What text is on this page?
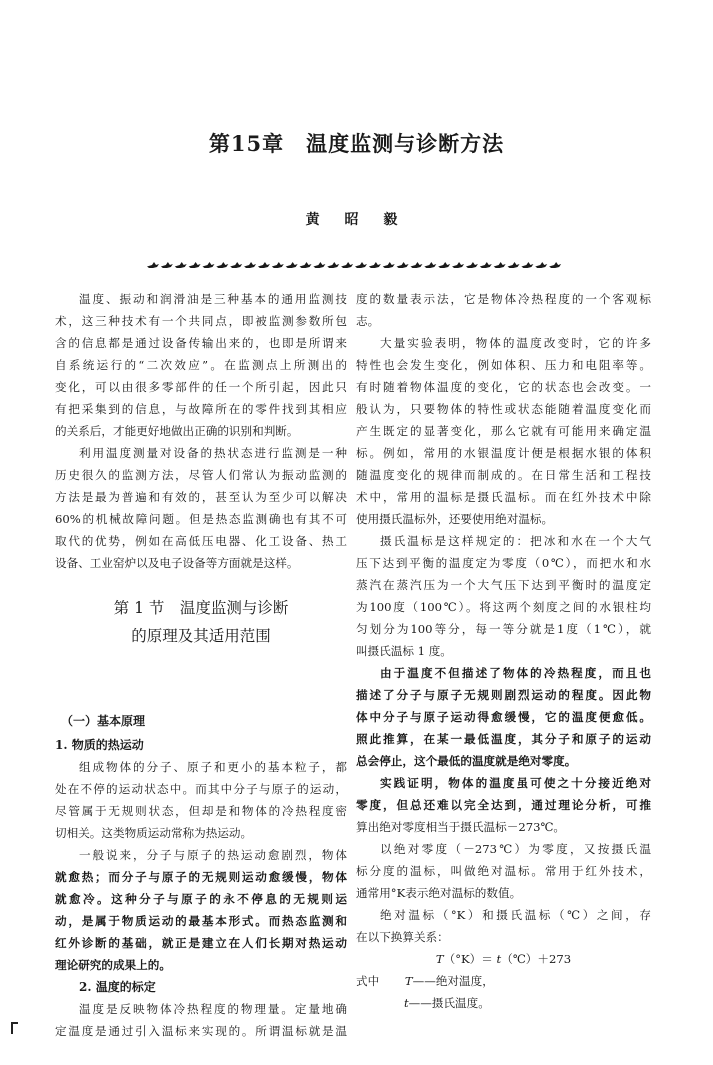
第15章 温度监测与诊断方法
黄 昭 毅
温度、振动和润滑油是三种基本的通用监测技
术，这三种技术有一个共同点，即被监测参数所包
含的信息都是通过设备传输出来的，也即是所谓来
自系统运行的“二次效应”。在监测点上所测出的
变化，可以由很多零部件的任一个所引起，因此只
有把采集到的信息，与故障所在的零件找到其相应
的关系后，才能更好地做出正确的识别和判断。
利用温度测量对设备的热状态进行监测是一种
历史很久的监测方法，尽管人们常认为振动监测的
方法是最为普遍和有效的，甚至认为至少可以解决
60%的机械故障问题。但是热态监测确也有其不可
取代的优势，例如在高低压电器、化工设备、热工
设备、工业窑炉以及电子设备等方面就是这样。
第 1 节　温度监测与诊断
的原理及其适用范围
（一）基本原理
1. 物质的热运动
组成物体的分子、原子和更小的基本粒子，都
处在不停的运动状态中。而其中分子与原子的运动，
尽管属于无规则状态，但却是和物体的冷热程度密
切相关。这类物质运动常称为热运动。
一般说来，分子与原子的热运动愈剧烈，物体
就愈热；而分子与原子的无规则运动愈缓慢，物体
就愈冷。这种分子与原子的永不停息的无规则运
动，是属于物质运动的最基本形式。而热态监测和
红外诊断的基础，就正是建立在人们长期对热运动
理论研究的成果上的。
2. 温度的标定
温度是反映物体冷热程度的物理量。定量地确
定温度是通过引入温标来实现的。所谓温标就是温
度的数量表示法，它是物体冷热程度的一个客观标
志。
大量实验表明，物体的温度改变时，它的许多
特性也会发生变化，例如体积、压力和电阻率等。
有时随着物体温度的变化，它的状态也会改变。一
般认为，只要物体的特性或状态能随着温度变化而
产生既定的显著变化，那么它就有可能用来确定温
标。例如，常用的水银温度计便是根据水银的体积
随温度变化的规律而制成的。在日常生活和工程技
术中，常用的温标是摄氏温标。而在红外技术中除
使用摄氏温标外，还要使用绝对温标。
摄氏温标是这样规定的：把冰和水在一个大气
压下达到平衡的温度定为零度（0℃），而把水和水
蒸汽在蒸汽压为一个大气压下达到平衡时的温度定
为100度（100℃）。将这两个刻度之间的水银柱均
匀划分为100等分，每一等分就是1度（1℃），就
叫摄氏温标 1 度。
由于温度不但描述了物体的冷热程度，而且也
描述了分子与原子无规则剧烈运动的程度。因此物
体中分子与原子运动得愈缓慢，它的温度便愈低。
照此推算，在某一最低温度，其分子和原子的运动
总会停止，这个最低的温度就是绝对零度。
实践证明，物体的温度虽可使之十分接近绝对
零度，但总还难以完全达到，通过理论分析，可推
算出绝对零度相当于摄氏温标－273℃。
以绝对零度（－273℃）为零度，又按摄氏温
标分度的温标，叫做绝对温标。常用于红外技术，
通常用°K表示绝对温标的数值。
绝对温标（°K）和摄氏温标（℃）之间，存
在以下换算关系：
T（°K）＝ t（℃）＋273
式中 T——绝对温度，
t——摄氏温度。
